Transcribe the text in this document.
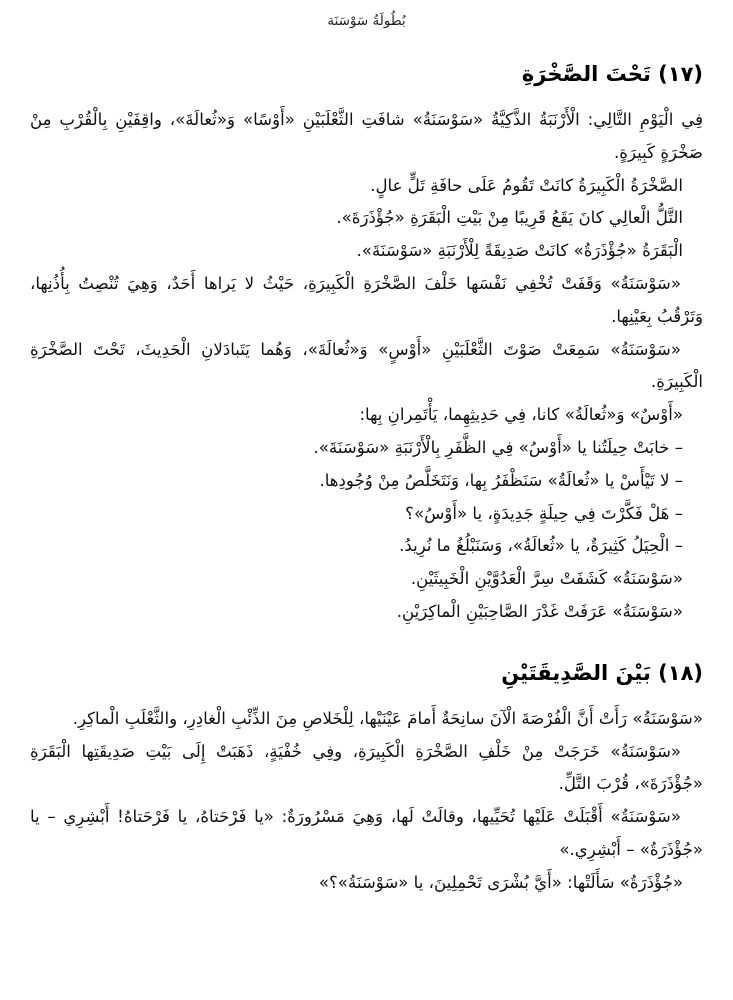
بُطُولَةُ سَوْسَنَة
(١٧) تَحْتَ الصَّخْرَةِ

فِي الْيَوْمِ التَّالِي: الْأَرْنَبَةُ الذَّكِيَّةُ «سَوْسَنَةُ» شافَتِ الثَّعْلَبَيْنِ «أَوْسًا» وَ«ثُعالَةَ»، واقِفَيْنِ بِالْقُرْبِ مِنْ صَخْرَةٍ كَبِيرَةٍ.

الصَّخْرَةُ الْكَبِيرَةُ كانَتْ تَقُومُ عَلَى حافَةِ تَلٍّ عالٍ.

التَّلُّ الْعالِي كانَ يَقَعُ قَرِيبًا مِنْ بَيْتِ الْبَقَرَةِ «جُؤْذَرَةَ».

الْبَقَرَةُ «جُؤْذَرَةُ» كانَتْ صَدِيقَةً لِلْأَرْنَبَةِ «سَوْسَنَةَ».

«سَوْسَنَةُ» وَقَفَتْ تُخْفِي نَفْسَها خَلْفَ الصَّخْرَةِ الْكَبِيرَةِ، حَيْثُ لا يَراها أَحَدٌ، وَهِيَ تُنْصِتُ بِأُذُنِها، وَتَرْقُبُ بِعَيْنِها.

«سَوْسَنَةُ» سَمِعَتْ صَوْتَ الثَّعْلَبَيْنِ «أَوْسٍ» وَ«ثُعالَةَ»، وَهُما يَتَبادَلانِ الْحَدِيثَ، تَحْتَ الصَّخْرَةِ الْكَبِيرَةِ.

«أَوْسٌ» وَ«ثُعالَةُ» كانا، فِي حَدِيثِهِما، يَأْتَمِرانِ بِها:

– خابَتْ حِيلَتُنا يا «أَوْسُ» فِي الظَّفَرِ بِالْأَرْنَبَةِ «سَوْسَنَةَ».

– لا تَيْأَسْ يا «ثُعالَةُ» سَنَظْفَرُ بِها، وَنَتَخَلَّصُ مِنْ وُجُودِها.

– هَلْ فَكَّرْتَ فِي حِيلَةٍ جَدِيدَةٍ، يا «أَوْسُ»؟

– الْحِيَلُ كَثِيرَةٌ، يا «ثُعالَةُ»، وَسَنَبْلُغُ ما نُرِيدُ.

«سَوْسَنَةُ» كَشَفَتْ سِرَّ الْعَدُوَّيْنِ الْخَبِيثَيْنِ.

«سَوْسَنَةُ» عَرَفَتْ غَدْرَ الصَّاحِبَيْنِ الْماكِرَيْنِ.

(١٨) بَيْنَ الصَّدِيقَتَيْنِ

«سَوْسَنَةُ» رَأَتْ أَنَّ الْفُرْصَةَ الْآنَ سانِحَةٌ أَمامَ عَيْنَيْها، لِلْخَلاصِ مِنَ الذِّئْبِ الْغادِرِ، والثَّعْلَبِ الْماكِرِ.

«سَوْسَنَةُ» خَرَجَتْ مِنْ خَلْفِ الصَّخْرَةِ الْكَبِيرَةِ، وفِي خُفْيَةٍ، ذَهَبَتْ إِلَى بَيْتِ صَدِيقَتِها الْبَقَرَةِ «جُؤْذَرَةَ»، قُرْبَ التَّلِّ.

«سَوْسَنَةُ» أَقْبَلَتْ عَلَيْها تُحَيِّيها، وقالَتْ لَها، وَهِيَ مَسْرُورَةٌ: «يا فَرْحَتاهُ، يا فَرْحَتاهُ! أَبْشِرِي – يا «جُؤْذَرَةُ» – أَبْشِرِي.»

«جُؤْذَرَةُ» سَأَلَتْها: «أَيَّ بُشْرَى تَحْمِلِينَ، يا «سَوْسَنَةُ»؟»
